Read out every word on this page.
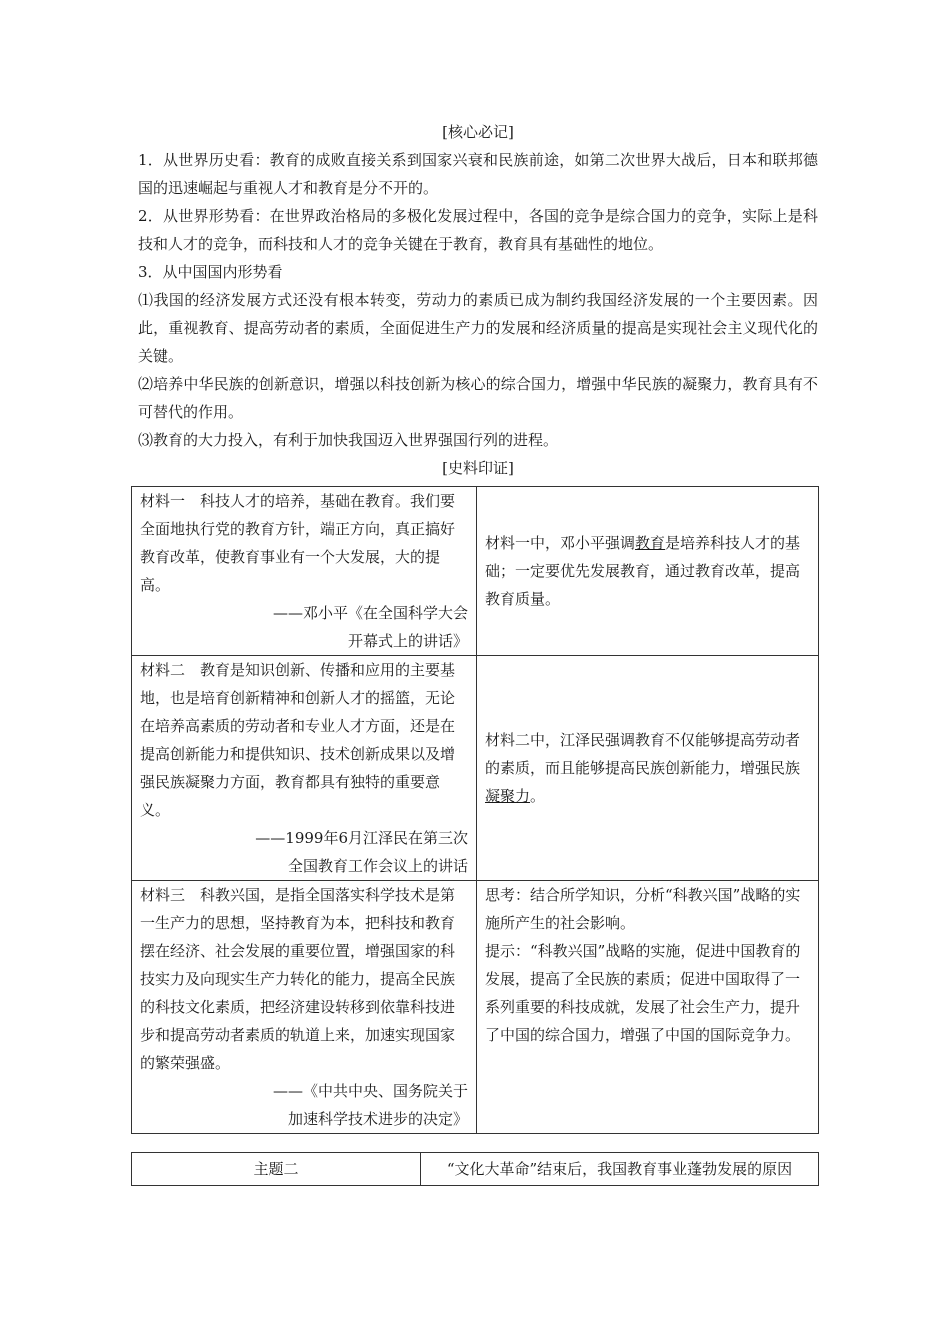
[核心必记]
1．从世界历史看：教育的成败直接关系到国家兴衰和民族前途，如第二次世界大战后，日本和联邦德国的迅速崛起与重视人才和教育是分不开的。
2．从世界形势看：在世界政治格局的多极化发展过程中，各国的竞争是综合国力的竞争，实际上是科技和人才的竞争，而科技和人才的竞争关键在于教育，教育具有基础性的地位。
3．从中国国内形势看
⑴我国的经济发展方式还没有根本转变，劳动力的素质已成为制约我国经济发展的一个主要因素。因此，重视教育、提高劳动者的素质，全面促进生产力的发展和经济质量的提高是实现社会主义现代化的关键。
⑵培养中华民族的创新意识，增强以科技创新为核心的综合国力，增强中华民族的凝聚力，教育具有不可替代的作用。
⑶教育的大力投入，有利于加快我国迈入世界强国行列的进程。
[史料印证]
材料一　科技人才的培养，基础在教育。我们要全面地执行党的教育方针，端正方向，真正搞好教育改革，使教育事业有一个大发展，大的提高。
——邓小平《在全国科学大会
开幕式上的讲话》	材料一中，邓小平强调教育是培养科技人才的基础；一定要优先发展教育，通过教育改革，提高教育质量。
材料二　教育是知识创新、传播和应用的主要基地，也是培育创新精神和创新人才的摇篮，无论在培养高素质的劳动者和专业人才方面，还是在提高创新能力和提供知识、技术创新成果以及增强民族凝聚力方面，教育都具有独特的重要意义。
——1999年6月江泽民在第三次
全国教育工作会议上的讲话	材料二中，江泽民强调教育不仅能够提高劳动者的素质，而且能够提高民族创新能力，增强民族凝聚力。
材料三　科教兴国，是指全国落实科学技术是第一生产力的思想，坚持教育为本，把科技和教育摆在经济、社会发展的重要位置，增强国家的科技实力及向现实生产力转化的能力，提高全民族的科技文化素质，把经济建设转移到依靠科技进步和提高劳动者素质的轨道上来，加速实现国家的繁荣强盛。
——《中共中央、国务院关于
加速科学技术进步的决定》	思考：结合所学知识，分析“科教兴国”战略的实施所产生的社会影响。
提示：“科教兴国”战略的实施，促进中国教育的发展，提高了全民族的素质；促进中国取得了一系列重要的科技成就，发展了社会生产力，提升了中国的综合国力，增强了中国的国际竞争力。
主题二	“文化大革命”结束后，我国教育事业蓬勃发展的原因
